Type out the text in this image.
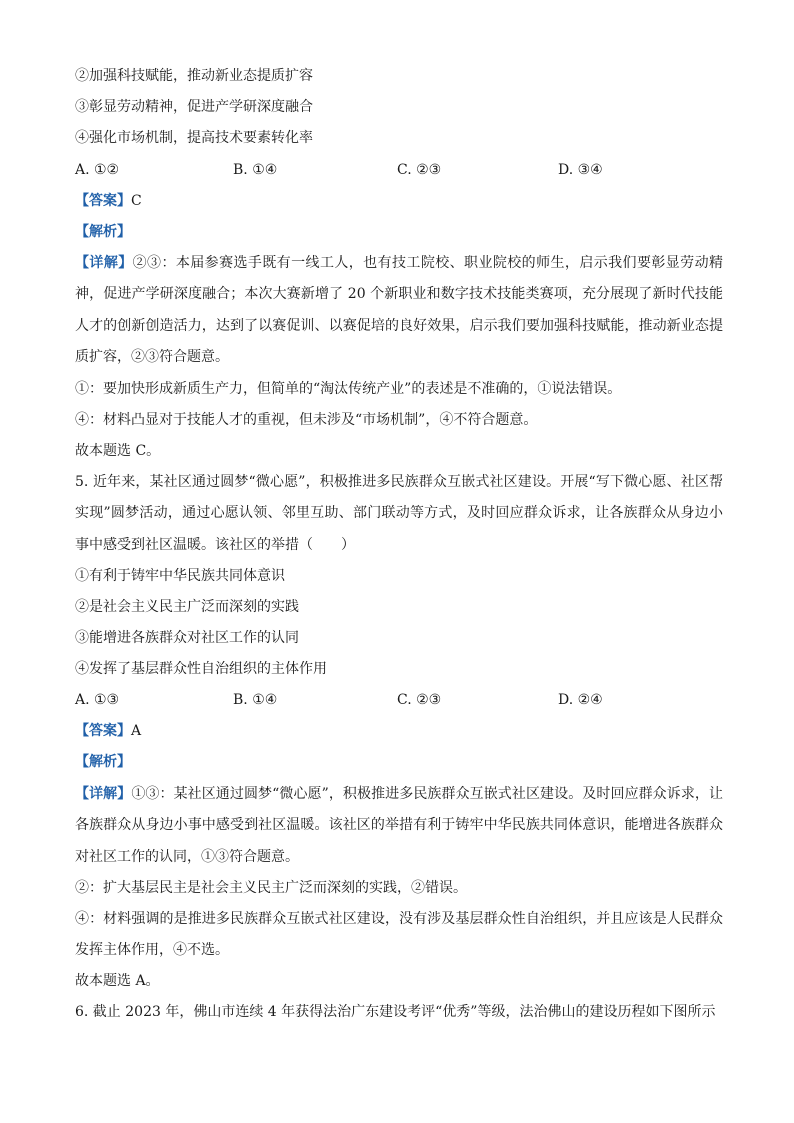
②加强科技赋能，推动新业态提质扩容
③彰显劳动精神，促进产学研深度融合
④强化市场机制，提高技术要素转化率
A. ①②	B. ①④	C. ②③	D. ③④
【答案】C
【解析】
【详解】②③：本届参赛选手既有一线工人，也有技工院校、职业院校的师生，启示我们要彰显劳动精神，促进产学研深度融合；本次大赛新增了 20 个新职业和数字技术技能类赛项，充分展现了新时代技能人才的创新创造活力，达到了以赛促训、以赛促培的良好效果，启示我们要加强科技赋能，推动新业态提质扩容，②③符合题意。
①：要加快形成新质生产力，但简单的“淘汰传统产业”的表述是不准确的，①说法错误。
④：材料凸显对于技能人才的重视，但未涉及“市场机制”，④不符合题意。
故本题选 C。
5. 近年来，某社区通过圆梦“微心愿”，积极推进多民族群众互嵌式社区建设。开展“写下微心愿、社区帮实现”圆梦活动，通过心愿认领、邻里互助、部门联动等方式，及时回应群众诉求，让各族群众从身边小事中感受到社区温暖。该社区的举措（　　）
①有利于铸牢中华民族共同体意识
②是社会主义民主广泛而深刻的实践
③能增进各族群众对社区工作的认同
④发挥了基层群众性自治组织的主体作用
A. ①③	B. ①④	C. ②③	D. ②④
【答案】A
【解析】
【详解】①③：某社区通过圆梦“微心愿”，积极推进多民族群众互嵌式社区建设。及时回应群众诉求，让各族群众从身边小事中感受到社区温暖。该社区的举措有利于铸牢中华民族共同体意识，能增进各族群众对社区工作的认同，①③符合题意。
②：扩大基层民主是社会主义民主广泛而深刻的实践，②错误。
④：材料强调的是推进多民族群众互嵌式社区建设，没有涉及基层群众性自治组织，并且应该是人民群众发挥主体作用，④不选。
故本题选 A。
6. 截止 2023 年，佛山市连续 4 年获得法治广东建设考评“优秀”等级，法治佛山的建设历程如下图所示
